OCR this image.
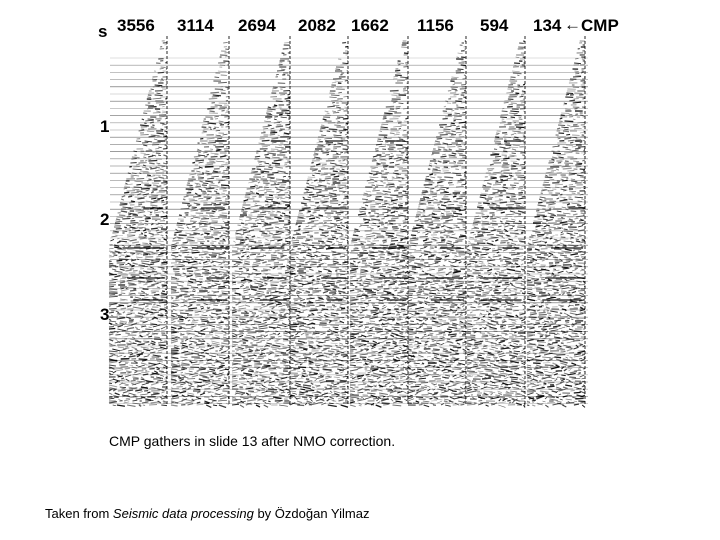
s
1
2
3
3556 3114 2694 2082 1662 1156 594 134 ← CMP
CMP gathers in slide 13 after NMO correction.
Taken from Seismic data processing by Özdoğan Yilmaz
